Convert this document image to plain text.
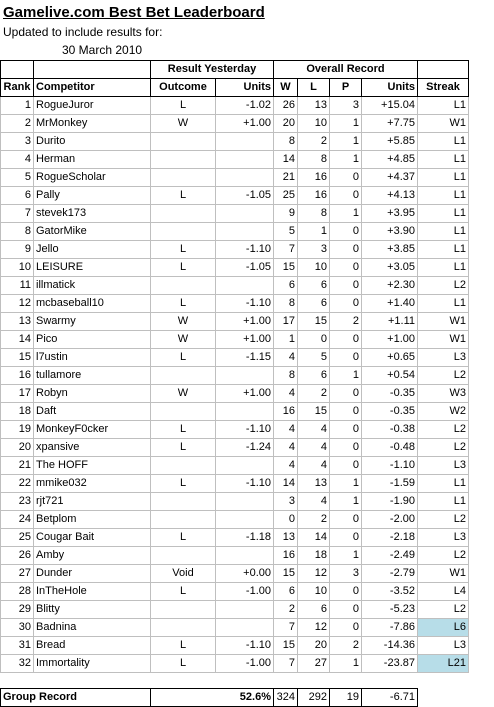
Gamelive.com Best Bet Leaderboard
Updated to include results for:
30 March 2010
		Result Yesterday		Overall Record				
Rank	Competitor	Outcome	Units	W	L	P	Units	Streak
1	RogueJuror	L	-1.02	26	13	3	+15.04	L1
2	MrMonkey	W	+1.00	20	10	1	+7.75	W1
3	Durito			8	2	1	+5.85	L1
4	Herman			14	8	1	+4.85	L1
5	RogueScholar			21	16	0	+4.37	L1
6	Pally	L	-1.05	25	16	0	+4.13	L1
7	stevek173			9	8	1	+3.95	L1
8	GatorMike			5	1	0	+3.90	L1
9	Jello	L	-1.10	7	3	0	+3.85	L1
10	LEISURE	L	-1.05	15	10	0	+3.05	L1
11	illmatick			6	6	0	+2.30	L2
12	mcbaseball10	L	-1.10	8	6	0	+1.40	L1
13	Swarmy	W	+1.00	17	15	2	+1.11	W1
14	Pico	W	+1.00	1	0	0	+1.00	W1
15	l7ustin	L	-1.15	4	5	0	+0.65	L3
16	tullamore			8	6	1	+0.54	L2
17	Robyn	W	+1.00	4	2	0	-0.35	W3
18	Daft			16	15	0	-0.35	W2
19	MonkeyF0cker	L	-1.10	4	4	0	-0.38	L2
20	xpansive	L	-1.24	4	4	0	-0.48	L2
21	The HOFF			4	4	0	-1.10	L3
22	mmike032	L	-1.10	14	13	1	-1.59	L1
23	rjt721			3	4	1	-1.90	L1
24	Betplom			0	2	0	-2.00	L2
25	Cougar Bait	L	-1.18	13	14	0	-2.18	L3
26	Amby			16	18	1	-2.49	L2
27	Dunder	Void	+0.00	15	12	3	-2.79	W1
28	InTheHole	L	-1.00	6	10	0	-3.52	L4
29	Blitty			2	6	0	-5.23	L2
30	Badnina			7	12	0	-7.86	L6
31	Bread	L	-1.10	15	20	2	-14.36	L3
32	Immortality	L	-1.00	7	27	1	-23.87	L21
Group Record	52.6%	324	292	19	-6.71	
